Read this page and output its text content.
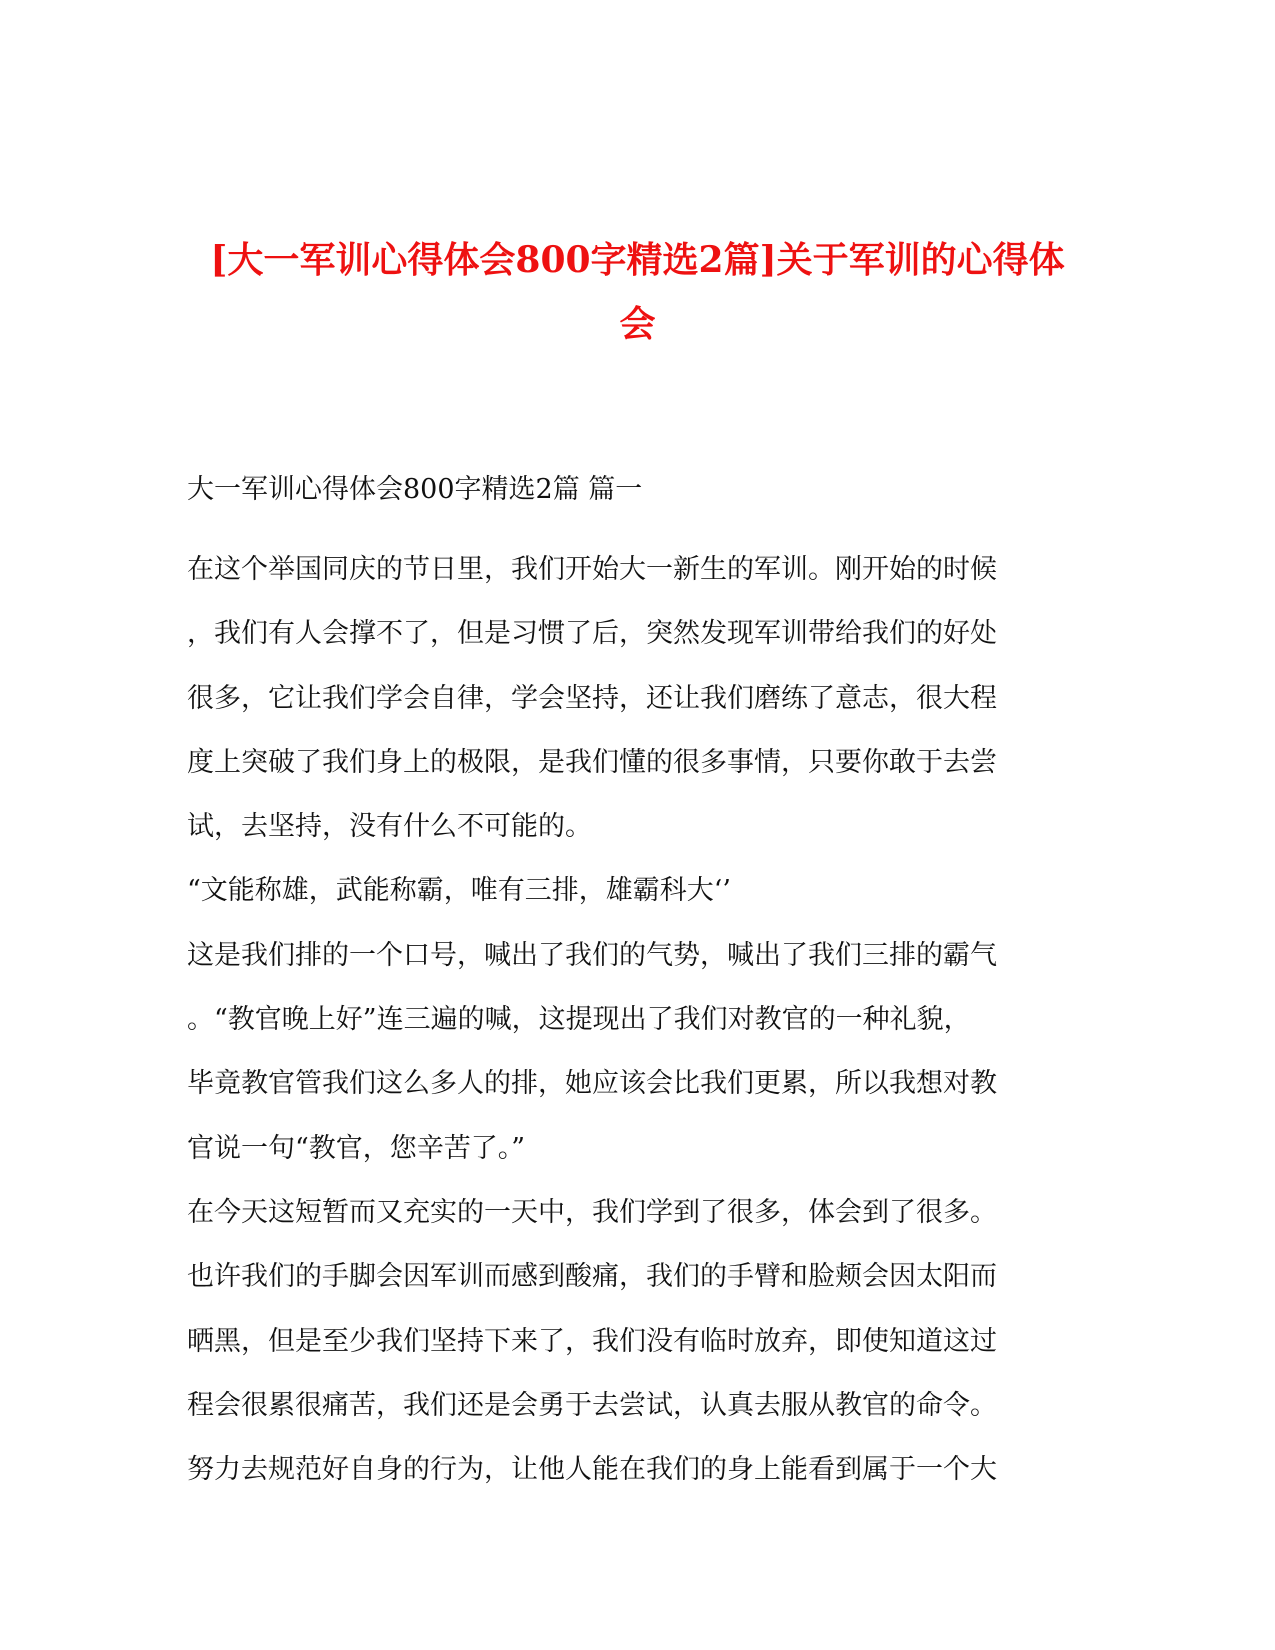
[大一军训心得体会800字精选2篇]关于军训的心得体
会
大一军训心得体会800字精选2篇 篇一
在这个举国同庆的节日里，我们开始大一新生的军训。刚开始的时候
，我们有人会撑不了，但是习惯了后，突然发现军训带给我们的好处
很多，它让我们学会自律，学会坚持，还让我们磨练了意志，很大程
度上突破了我们身上的极限，是我们懂的很多事情，只要你敢于去尝
试，去坚持，没有什么不可能的。
“文能称雄，武能称霸，唯有三排，雄霸科大‘’
这是我们排的一个口号，喊出了我们的气势，喊出了我们三排的霸气
。“教官晚上好”连三遍的喊，这提现出了我们对教官的一种礼貌，
毕竟教官管我们这么多人的排，她应该会比我们更累，所以我想对教
官说一句“教官，您辛苦了。”
在今天这短暂而又充实的一天中，我们学到了很多，体会到了很多。
也许我们的手脚会因军训而感到酸痛，我们的手臂和脸颊会因太阳而
晒黑，但是至少我们坚持下来了，我们没有临时放弃，即使知道这过
程会很累很痛苦，我们还是会勇于去尝试，认真去服从教官的命令。
努力去规范好自身的行为，让他人能在我们的身上能看到属于一个大
